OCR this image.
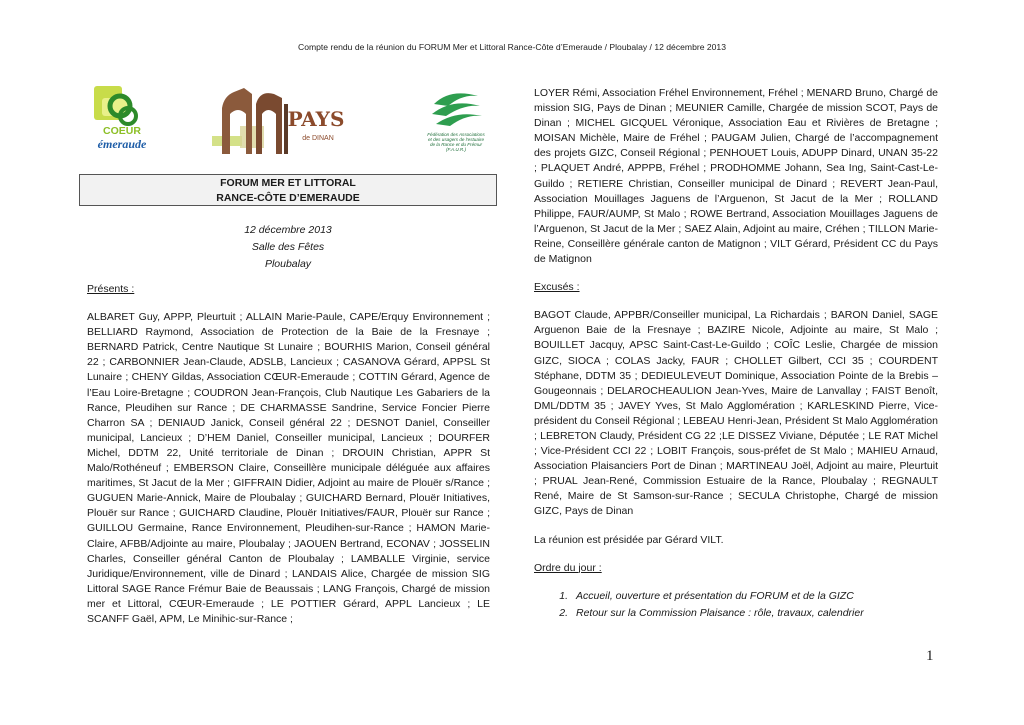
Compte rendu de la réunion du FORUM Mer et Littoral Rance-Côte d’Emeraude / Ploubalay / 12 décembre 2013
COEUR
émeraude
PAYS
de DINAN
Fédération des Associations et des usagers de l'estuaire de la Rance et du Frémur (F.A.U.R.)
FORUM MER ET LITTORAL
RANCE-CÔTE D’EMERAUDE
12 décembre 2013
Salle des Fêtes
Ploubalay
Présents :
ALBARET Guy, APPP, Pleurtuit ; ALLAIN Marie-Paule, CAPE/Erquy Environnement ; BELLIARD Raymond, Association de Protection de la Baie de la Fresnaye ; BERNARD Patrick, Centre Nautique St Lunaire ; BOURHIS Marion, Conseil général 22 ; CARBONNIER Jean-Claude, ADSLB, Lancieux ; CASANOVA Gérard, APPSL St Lunaire ; CHENY Gildas, Association CŒUR-Emeraude ; COTTIN Gérard, Agence de l’Eau Loire-Bretagne ; COUDRON Jean-François, Club Nautique Les Gabariers de la Rance, Pleudihen sur Rance ; DE CHARMASSE Sandrine, Service Foncier Pierre Charron SA ; DENIAUD Janick, Conseil général 22 ; DESNOT Daniel, Conseiller municipal, Lancieux ; D’HEM Daniel, Conseiller municipal, Lancieux ; DOURFER Michel, DDTM 22, Unité territoriale de Dinan ; DROUIN Christian, APPR St Malo/Rothéneuf ; EMBERSON Claire, Conseillère municipale déléguée aux affaires maritimes, St Jacut de la Mer ; GIFFRAIN Didier, Adjoint au maire de Plouër s/Rance ; GUGUEN Marie-Annick, Maire de Ploubalay ; GUICHARD Bernard, Plouër Initiatives, Plouër sur Rance ; GUICHARD Claudine, Plouër Initiatives/FAUR, Plouër sur Rance ; GUILLOU Germaine, Rance Environnement, Pleudihen-sur-Rance ; HAMON Marie-Claire, AFBB/Adjointe au maire, Ploubalay ; JAOUEN Bertrand, ECONAV ; JOSSELIN Charles, Conseiller général Canton de Ploubalay ; LAMBALLE Virginie, service Juridique/Environnement, ville de Dinard ; LANDAIS Alice, Chargée de mission SIG Littoral SAGE Rance Frémur Baie de Beaussais ; LANG François, Chargé de mission mer et Littoral, CŒUR-Emeraude ; LE POTTIER Gérard, APPL Lancieux ; LE SCANFF Gaël, APM, Le Minihic-sur-Rance ;
LOYER Rémi, Association Fréhel Environnement, Fréhel ; MENARD Bruno, Chargé de mission SIG, Pays de Dinan ; MEUNIER Camille, Chargée de mission SCOT, Pays de Dinan ; MICHEL GICQUEL Véronique, Association Eau et Rivières de Bretagne ; MOISAN Michèle, Maire de Fréhel ; PAUGAM Julien, Chargé de l’accompagnement des projets GIZC, Conseil Régional ; PENHOUET Louis, ADUPP Dinard, UNAN 35-22 ; PLAQUET André, APPPB, Fréhel ; PRODHOMME Johann, Sea Ing, Saint-Cast-Le-Guildo ; RETIERE Christian, Conseiller municipal de Dinard ; REVERT Jean-Paul, Association Mouillages Jaguens de l’Arguenon, St Jacut de la Mer ; ROLLAND Philippe, FAUR/AUMP, St Malo ; ROWE Bertrand, Association Mouillages Jaguens de l’Arguenon, St Jacut de la Mer ; SAEZ Alain, Adjoint au maire, Créhen ; TILLON Marie-Reine, Conseillère générale canton de Matignon ; VILT Gérard, Président CC du Pays de Matignon
Excusés :
BAGOT Claude, APPBR/Conseiller municipal, La Richardais ; BARON Daniel, SAGE Arguenon Baie de la Fresnaye ; BAZIRE Nicole, Adjointe au maire, St Malo ; BOUILLET Jacquy, APSC Saint-Cast-Le-Guildo ; COÎC Leslie, Chargée de mission GIZC, SIOCA ; COLAS Jacky, FAUR ; CHOLLET Gilbert, CCI 35 ; COURDENT Stéphane, DDTM 35 ; DEDIEULEVEUT Dominique, Association Pointe de la Brebis – Gougeonnais ; DELAROCHEAULION Jean-Yves, Maire de Lanvallay ; FAIST Benoît, DML/DDTM 35 ; JAVEY Yves, St Malo Agglomération ; KARLESKIND Pierre, Vice-président du Conseil Régional ; LEBEAU Henri-Jean, Président St Malo Agglomération ; LEBRETON Claudy, Président CG 22 ;LE DISSEZ Viviane, Députée ; LE RAT Michel ; Vice-Président CCI 22 ; LOBIT François, sous-préfet de St Malo ; MAHIEU Arnaud, Association Plaisanciers Port de Dinan ; MARTINEAU Joël, Adjoint au maire, Pleurtuit ; PRUAL Jean-René, Commission Estuaire de la Rance, Ploubalay ; REGNAULT René, Maire de St Samson-sur-Rance ; SECULA Christophe, Chargé de mission GIZC, Pays de Dinan
La réunion est présidée par Gérard VILT.
Ordre du jour :
1. Accueil, ouverture et présentation du FORUM et de la GIZC
2. Retour sur la Commission Plaisance : rôle, travaux, calendrier
1
